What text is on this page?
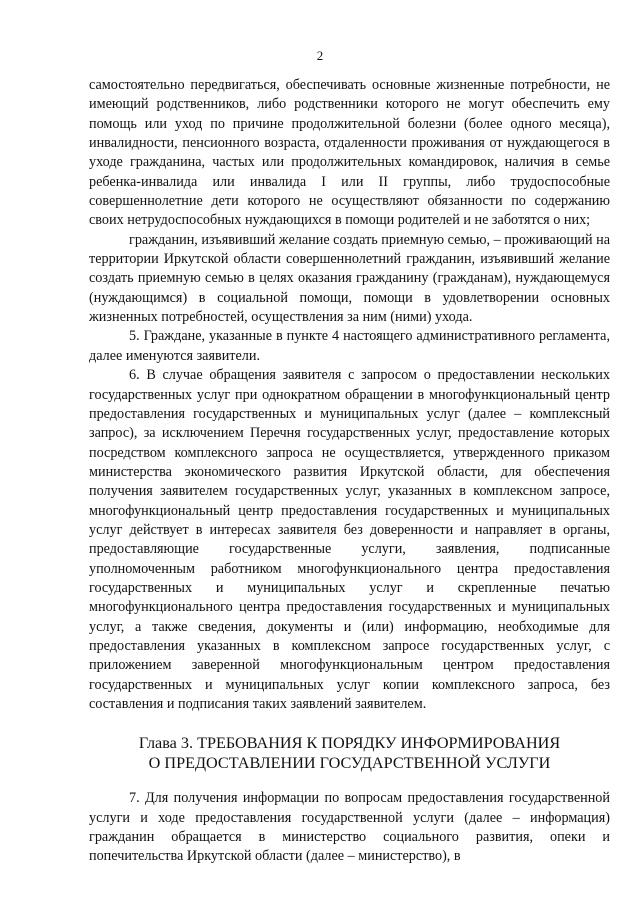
2

самостоятельно передвигаться, обеспечивать основные жизненные потребности, не имеющий родственников, либо родственники которого не могут обеспечить ему помощь или уход по причине продолжительной болезни (более одного месяца), инвалидности, пенсионного возраста, отдаленности проживания от нуждающегося в уходе гражданина, частых или продолжительных командировок, наличия в семье ребенка-инвалида или инвалида I или II группы, либо трудоспособные совершеннолетние дети которого не осуществляют обязанности по содержанию своих нетрудоспособных нуждающихся в помощи родителей и не заботятся о них;

гражданин, изъявивший желание создать приемную семью, – проживающий на территории Иркутской области совершеннолетний гражданин, изъявивший желание создать приемную семью в целях оказания гражданину (гражданам), нуждающемуся (нуждающимся) в социальной помощи, помощи в удовлетворении основных жизненных потребностей, осуществления за ним (ними) ухода.

5. Граждане, указанные в пункте 4 настоящего административного регламента, далее именуются заявители.

6. В случае обращения заявителя с запросом о предоставлении нескольких государственных услуг при однократном обращении в многофункциональный центр предоставления государственных и муниципальных услуг (далее – комплексный запрос), за исключением Перечня государственных услуг, предоставление которых посредством комплексного запроса не осуществляется, утвержденного приказом министерства экономического развития Иркутской области, для обеспечения получения заявителем государственных услуг, указанных в комплексном запросе, многофункциональный центр предоставления государственных и муниципальных услуг действует в интересах заявителя без доверенности и направляет в органы, предоставляющие государственные услуги, заявления, подписанные уполномоченным работником многофункционального центра предоставления государственных и муниципальных услуг и скрепленные печатью многофункционального центра предоставления государственных и муниципальных услуг, а также сведения, документы и (или) информацию, необходимые для предоставления указанных в комплексном запросе государственных услуг, с приложением заверенной многофункциональным центром предоставления государственных и муниципальных услуг копии комплексного запроса, без составления и подписания таких заявлений заявителем.

Глава 3. ТРЕБОВАНИЯ К ПОРЯДКУ ИНФОРМИРОВАНИЯ
О ПРЕДОСТАВЛЕНИИ ГОСУДАРСТВЕННОЙ УСЛУГИ

7. Для получения информации по вопросам предоставления государственной услуги и ходе предоставления государственной услуги (далее – информация) гражданин обращается в министерство социального развития, опеки и попечительства Иркутской области (далее – министерство), в
